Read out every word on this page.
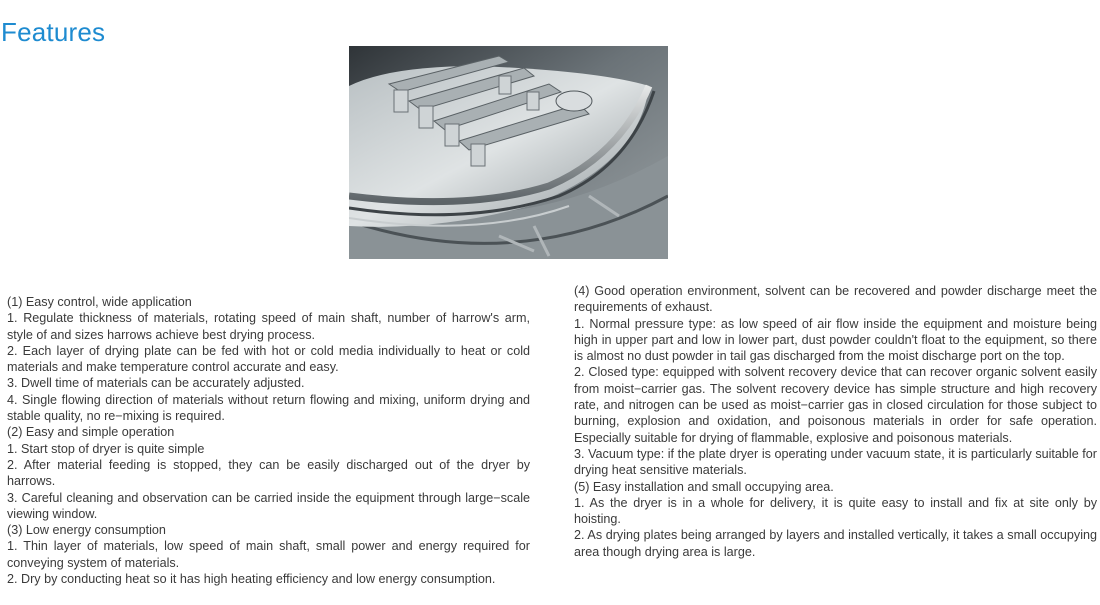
Features

(1) Easy control, wide application

1. Regulate thickness of materials, rotating speed of main shaft, number of harrow's arm, style of and sizes harrows achieve best drying process.

2. Each layer of drying plate can be fed with hot or cold media individually to heat or cold materials and make temperature control accurate and easy.

3. Dwell time of materials can be accurately adjusted.

4. Single flowing direction of materials without return flowing and mixing, uniform drying and stable quality, no re−mixing is required.

(2) Easy and simple operation

1. Start stop of dryer is quite simple

2. After material feeding is stopped, they can be easily discharged out of the dryer by harrows.

3. Careful cleaning and observation can be carried inside the equipment through large−scale viewing window.

(3) Low energy consumption

1. Thin layer of materials, low speed of main shaft, small power and energy required for conveying system of materials.

2. Dry by conducting heat so it has high heating efficiency and low energy consumption.

(4) Good operation environment, solvent can be recovered and powder discharge meet the requirements of exhaust.

1. Normal pressure type: as low speed of air flow inside the equipment and moisture being high in upper part and low in lower part, dust powder couldn't float to the equipment, so there is almost no dust powder in tail gas discharged from the moist discharge port on the top.

2. Closed type: equipped with solvent recovery device that can recover organic solvent easily from moist−carrier gas. The solvent recovery device has simple structure and high recovery rate, and nitrogen can be used as moist−carrier gas in closed circulation for those subject to burning, explosion and oxidation, and poisonous materials in order for safe operation. Especially suitable for drying of flammable, explosive and poisonous materials.

3. Vacuum type: if the plate dryer is operating under vacuum state, it is particularly suitable for drying heat sensitive materials.

(5) Easy installation and small occupying area.

1. As the dryer is in a whole for delivery, it is quite easy to install and fix at site only by hoisting.

2. As drying plates being arranged by layers and installed vertically, it takes a small occupying area though drying area is large.
